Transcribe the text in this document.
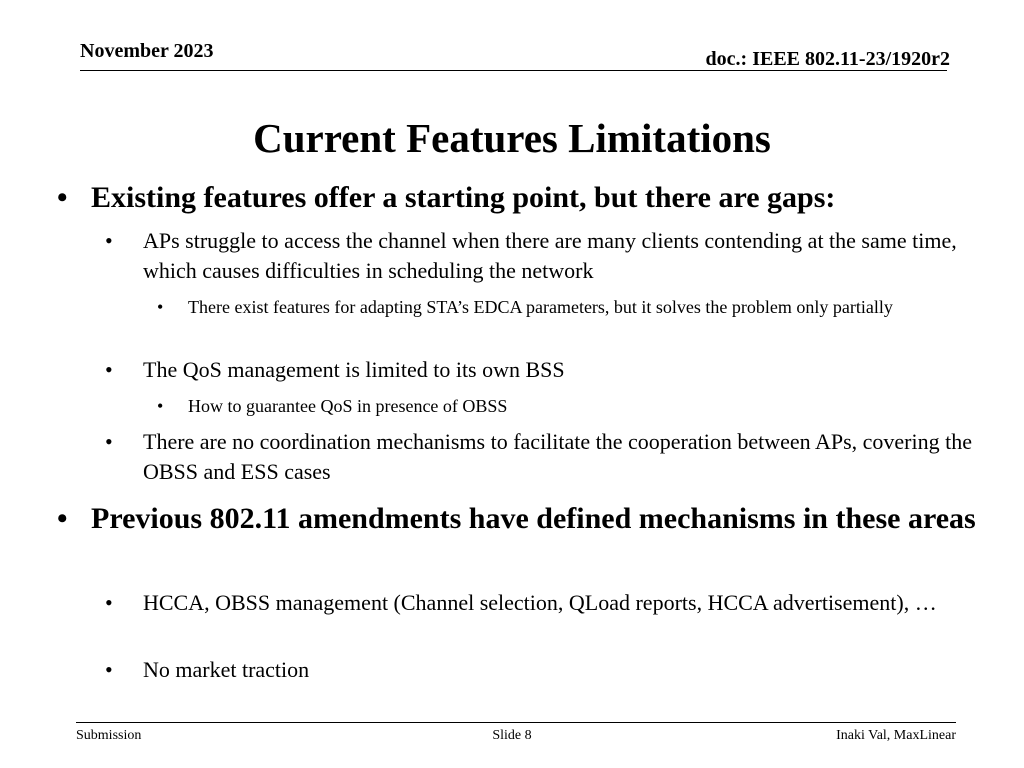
November 2023	doc.: IEEE 802.11-23/1920r2
Current Features Limitations
• Existing features offer a starting point, but there are gaps:
• APs struggle to access the channel when there are many clients contending at the same time, which causes difficulties in scheduling the network
• There exist features for adapting STA’s EDCA parameters, but it solves the problem only partially
• The QoS management is limited to its own BSS
• How to guarantee QoS in presence of OBSS
• There are no coordination mechanisms to facilitate the cooperation between APs, covering the OBSS and ESS cases
• Previous 802.11 amendments have defined mechanisms in these areas
• HCCA, OBSS management (Channel selection, QLoad reports, HCCA advertisement), …
• No market traction
Submission	Slide 8	Inaki Val, MaxLinear
